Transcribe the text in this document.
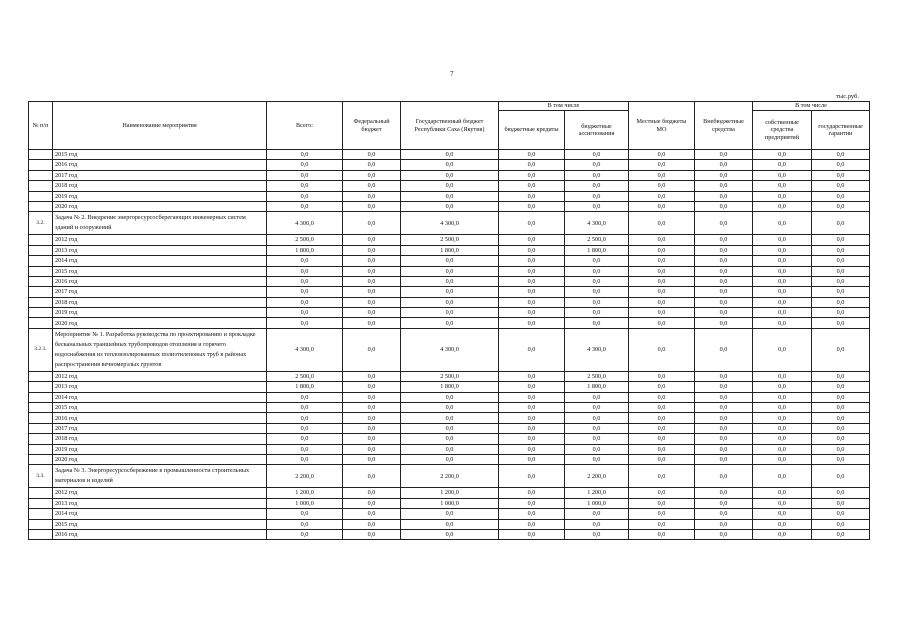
7
тыс.руб.
№ п/п	Наименование мероприятия	Всего:	Федеральный бюджет	Государственный бюджет Республики Саха (Якутия)	В том числе		Местные бюджеты МО	Внебюджетные средства	В том числе	
					бюджетные кредиты	бюджетные ассигнования			собственные средства предприятий	государственные гарантии
	2015 год	0,0	0,0	0,0	0,0	0,0	0,0	0,0	0,0	0,0
	2016 год	0,0	0,0	0,0	0,0	0,0	0,0	0,0	0,0	0,0
	2017 год	0,0	0,0	0,0	0,0	0,0	0,0	0,0	0,0	0,0
	2018 год	0,0	0,0	0,0	0,0	0,0	0,0	0,0	0,0	0,0
	2019 год	0,0	0,0	0,0	0,0	0,0	0,0	0,0	0,0	0,0
	2020 год	0,0	0,0	0,0	0,0	0,0	0,0	0,0	0,0	0,0
3.2.	Задача № 2. Внедрение энергоресурсосберегающих инженерных систем зданий и сооружений	4 300,0	0,0	4 300,0	0,0	4 300,0	0,0	0,0	0,0	0,0
	2012 год	2 500,0	0,0	2 500,0	0,0	2 500,0	0,0	0,0	0,0	0,0
	2013 год	1 800,0	0,0	1 800,0	0,0	1 800,0	0,0	0,0	0,0	0,0
	2014 год	0,0	0,0	0,0	0,0	0,0	0,0	0,0	0,0	0,0
	2015 год	0,0	0,0	0,0	0,0	0,0	0,0	0,0	0,0	0,0
	2016 год	0,0	0,0	0,0	0,0	0,0	0,0	0,0	0,0	0,0
	2017 год	0,0	0,0	0,0	0,0	0,0	0,0	0,0	0,0	0,0
	2018 год	0,0	0,0	0,0	0,0	0,0	0,0	0,0	0,0	0,0
	2019 год	0,0	0,0	0,0	0,0	0,0	0,0	0,0	0,0	0,0
	2020 год	0,0	0,0	0,0	0,0	0,0	0,0	0,0	0,0	0,0
3.2.1.	Мероприятие № 1. Разработка руководства по проектированию и прокладке бесканальных траншейных трубопроводов отопления и горячего водоснабжения из теплоизолированных полиэтиленовых труб в районах распространения вечномерзлых грунтов	4 300,0	0,0	4 300,0	0,0	4 300,0	0,0	0,0	0,0	0,0
	2012 год	2 500,0	0,0	2 500,0	0,0	2 500,0	0,0	0,0	0,0	0,0
	2013 год	1 800,0	0,0	1 800,0	0,0	1 800,0	0,0	0,0	0,0	0,0
	2014 год	0,0	0,0	0,0	0,0	0,0	0,0	0,0	0,0	0,0
	2015 год	0,0	0,0	0,0	0,0	0,0	0,0	0,0	0,0	0,0
	2016 год	0,0	0,0	0,0	0,0	0,0	0,0	0,0	0,0	0,0
	2017 год	0,0	0,0	0,0	0,0	0,0	0,0	0,0	0,0	0,0
	2018 год	0,0	0,0	0,0	0,0	0,0	0,0	0,0	0,0	0,0
	2019 год	0,0	0,0	0,0	0,0	0,0	0,0	0,0	0,0	0,0
	2020 год	0,0	0,0	0,0	0,0	0,0	0,0	0,0	0,0	0,0
3.3.	Задача № 3. Энергоресурсосбережение в промышленности строительных материалов и изделий	2 200,0	0,0	2 200,0	0,0	2 200,0	0,0	0,0	0,0	0,0
	2012 год	1 200,0	0,0	1 200,0	0,0	1 200,0	0,0	0,0	0,0	0,0
	2013 год	1 000,0	0,0	1 000,0	0,0	1 000,0	0,0	0,0	0,0	0,0
	2014 год	0,0	0,0	0,0	0,0	0,0	0,0	0,0	0,0	0,0
	2015 год	0,0	0,0	0,0	0,0	0,0	0,0	0,0	0,0	0,0
	2016 год	0,0	0,0	0,0	0,0	0,0	0,0	0,0	0,0	0,0
